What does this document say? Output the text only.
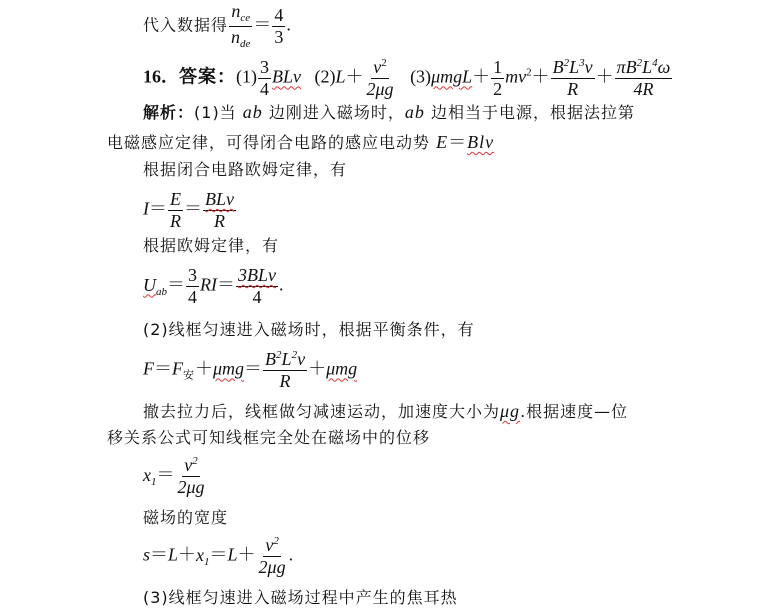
代入数据得 $\frac{n_{ce}}{n_{de}} = \frac{4}{3}$ .
16．答案：$(1) \frac{3}{4}$ BLv $(2)L+ \frac{v^2}{2\mu g} (3)\mu mgL+ \frac{1}{2} mv^2+ \frac{B^2L^3v}{R} + \frac{\pi B^2L^4\omega}{4R}$
解析：(1)当 ab 边刚进入磁场时，ab 边相当于电源，根据法拉第
电磁感应定律，可得闭合电路的感应电动势 E＝Blv
根据闭合电路欧姆定律，有
$I= \frac{E}{R} = \frac{\text{BLv}}{R}$
根据欧姆定律，有
$U_{ab}= \frac{3}{4} RI= \frac{\text{3BLv}}{4}$ .
(2)线框匀速进入磁场时，根据平衡条件，有
$F=F_安+\mu mg= \frac{B^2L^2v}{R} +\mu mg$
撤去拉力后，线框做匀减速运动，加速度大小为μg.根据速度—位
移关系公式可知线框完全处在磁场中的位移
$x_1= \frac{v^2}{2\mu g}$
磁场的宽度
$s=L+x_1=L+ \frac{v^2}{2\mu g}$ .
(3)线框匀速进入磁场过程中产生的焦耳热
